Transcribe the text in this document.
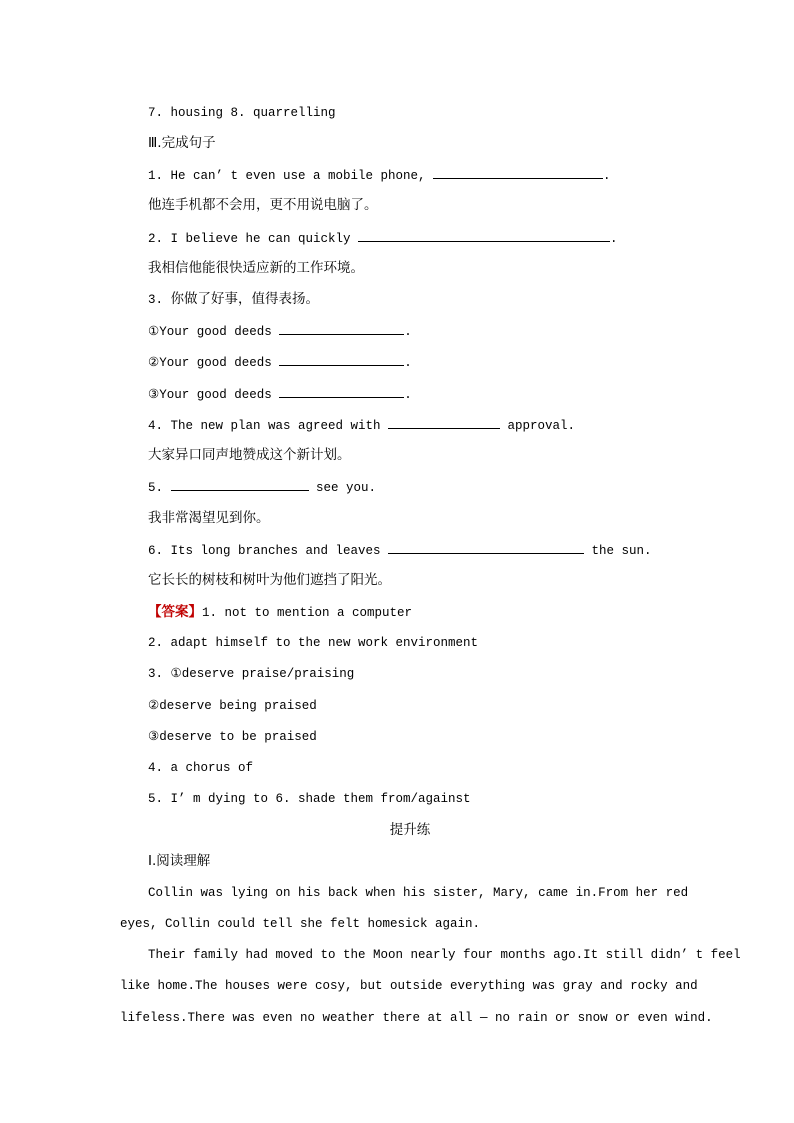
7. housing 8. quarrelling
Ⅲ.完成句子
1. He can’ t even use a mobile phone,	.
他连手机都不会用，更不用说电脑了。
2. I believe he can quickly	.
我相信他能很快适应新的工作环境。
3. 你做了好事，值得表扬。
①Your good deeds	.
②Your good deeds	.
③Your good deeds	.
4. The new plan was agreed with	approval.
大家异口同声地赞成这个新计划。
5.	see you.
我非常渴望见到你。
6. Its long branches and leaves	the sun.
它长长的树枝和树叶为他们遮挡了阳光。
【答案】1. not to mention a computer
2. adapt himself to the new work environment
3. ①deserve praise/praising
②deserve being praised
③deserve to be praised
4. a chorus of
5. I’ m dying to 6. shade them from/against
提升练
Ⅰ.阅读理解
Collin was lying on his back when his sister, Mary, came in.From her red
eyes, Collin could tell she felt homesick again.
Their family had moved to the Moon nearly four months ago.It still didn’ t feel
like home.The houses were cosy, but outside everything was gray and rocky and
lifeless.There was even no weather there at all — no rain or snow or even wind.
